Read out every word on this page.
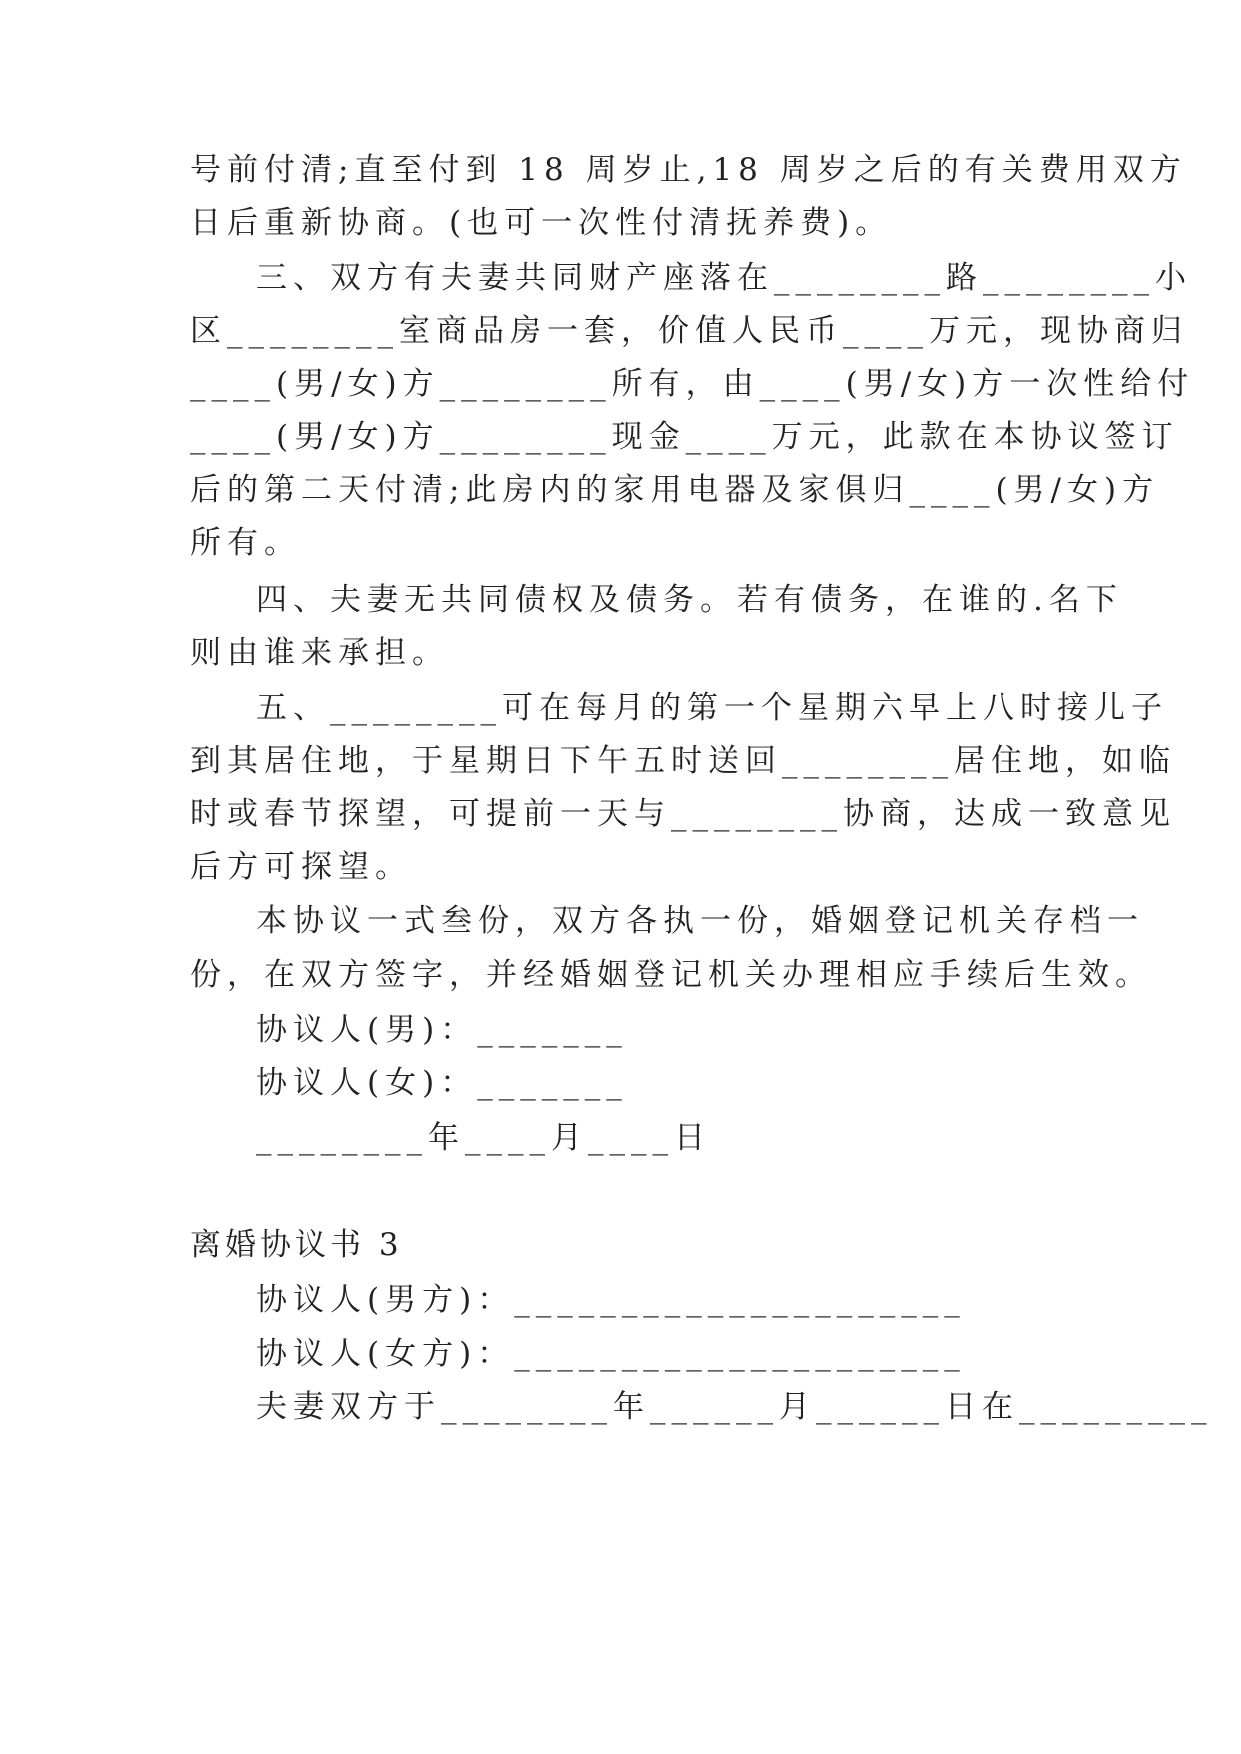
号前付清;直至付到 18 周岁止,18 周岁之后的有关费用双方
日后重新协商。(也可一次性付清抚养费)。
三、双方有夫妻共同财产座落在________路________小
区________室商品房一套，价值人民币____万元，现协商归
____(男/女)方________所有，由____(男/女)方一次性给付
____(男/女)方________现金____万元，此款在本协议签订
后的第二天付清;此房内的家用电器及家俱归____(男/女)方
所有。
四、夫妻无共同债权及债务。若有债务，在谁的.名下
则由谁来承担。
五、________可在每月的第一个星期六早上八时接儿子
到其居住地，于星期日下午五时送回________居住地，如临
时或春节探望，可提前一天与________协商，达成一致意见
后方可探望。
本协议一式叁份，双方各执一份，婚姻登记机关存档一
份，在双方签字，并经婚姻登记机关办理相应手续后生效。
协议人(男)：_______
协议人(女)：_______
________年____月____日
离婚协议书 3
协议人(男方)：_____________________
协议人(女方)：_____________________
夫妻双方于________年______月______日在_________
